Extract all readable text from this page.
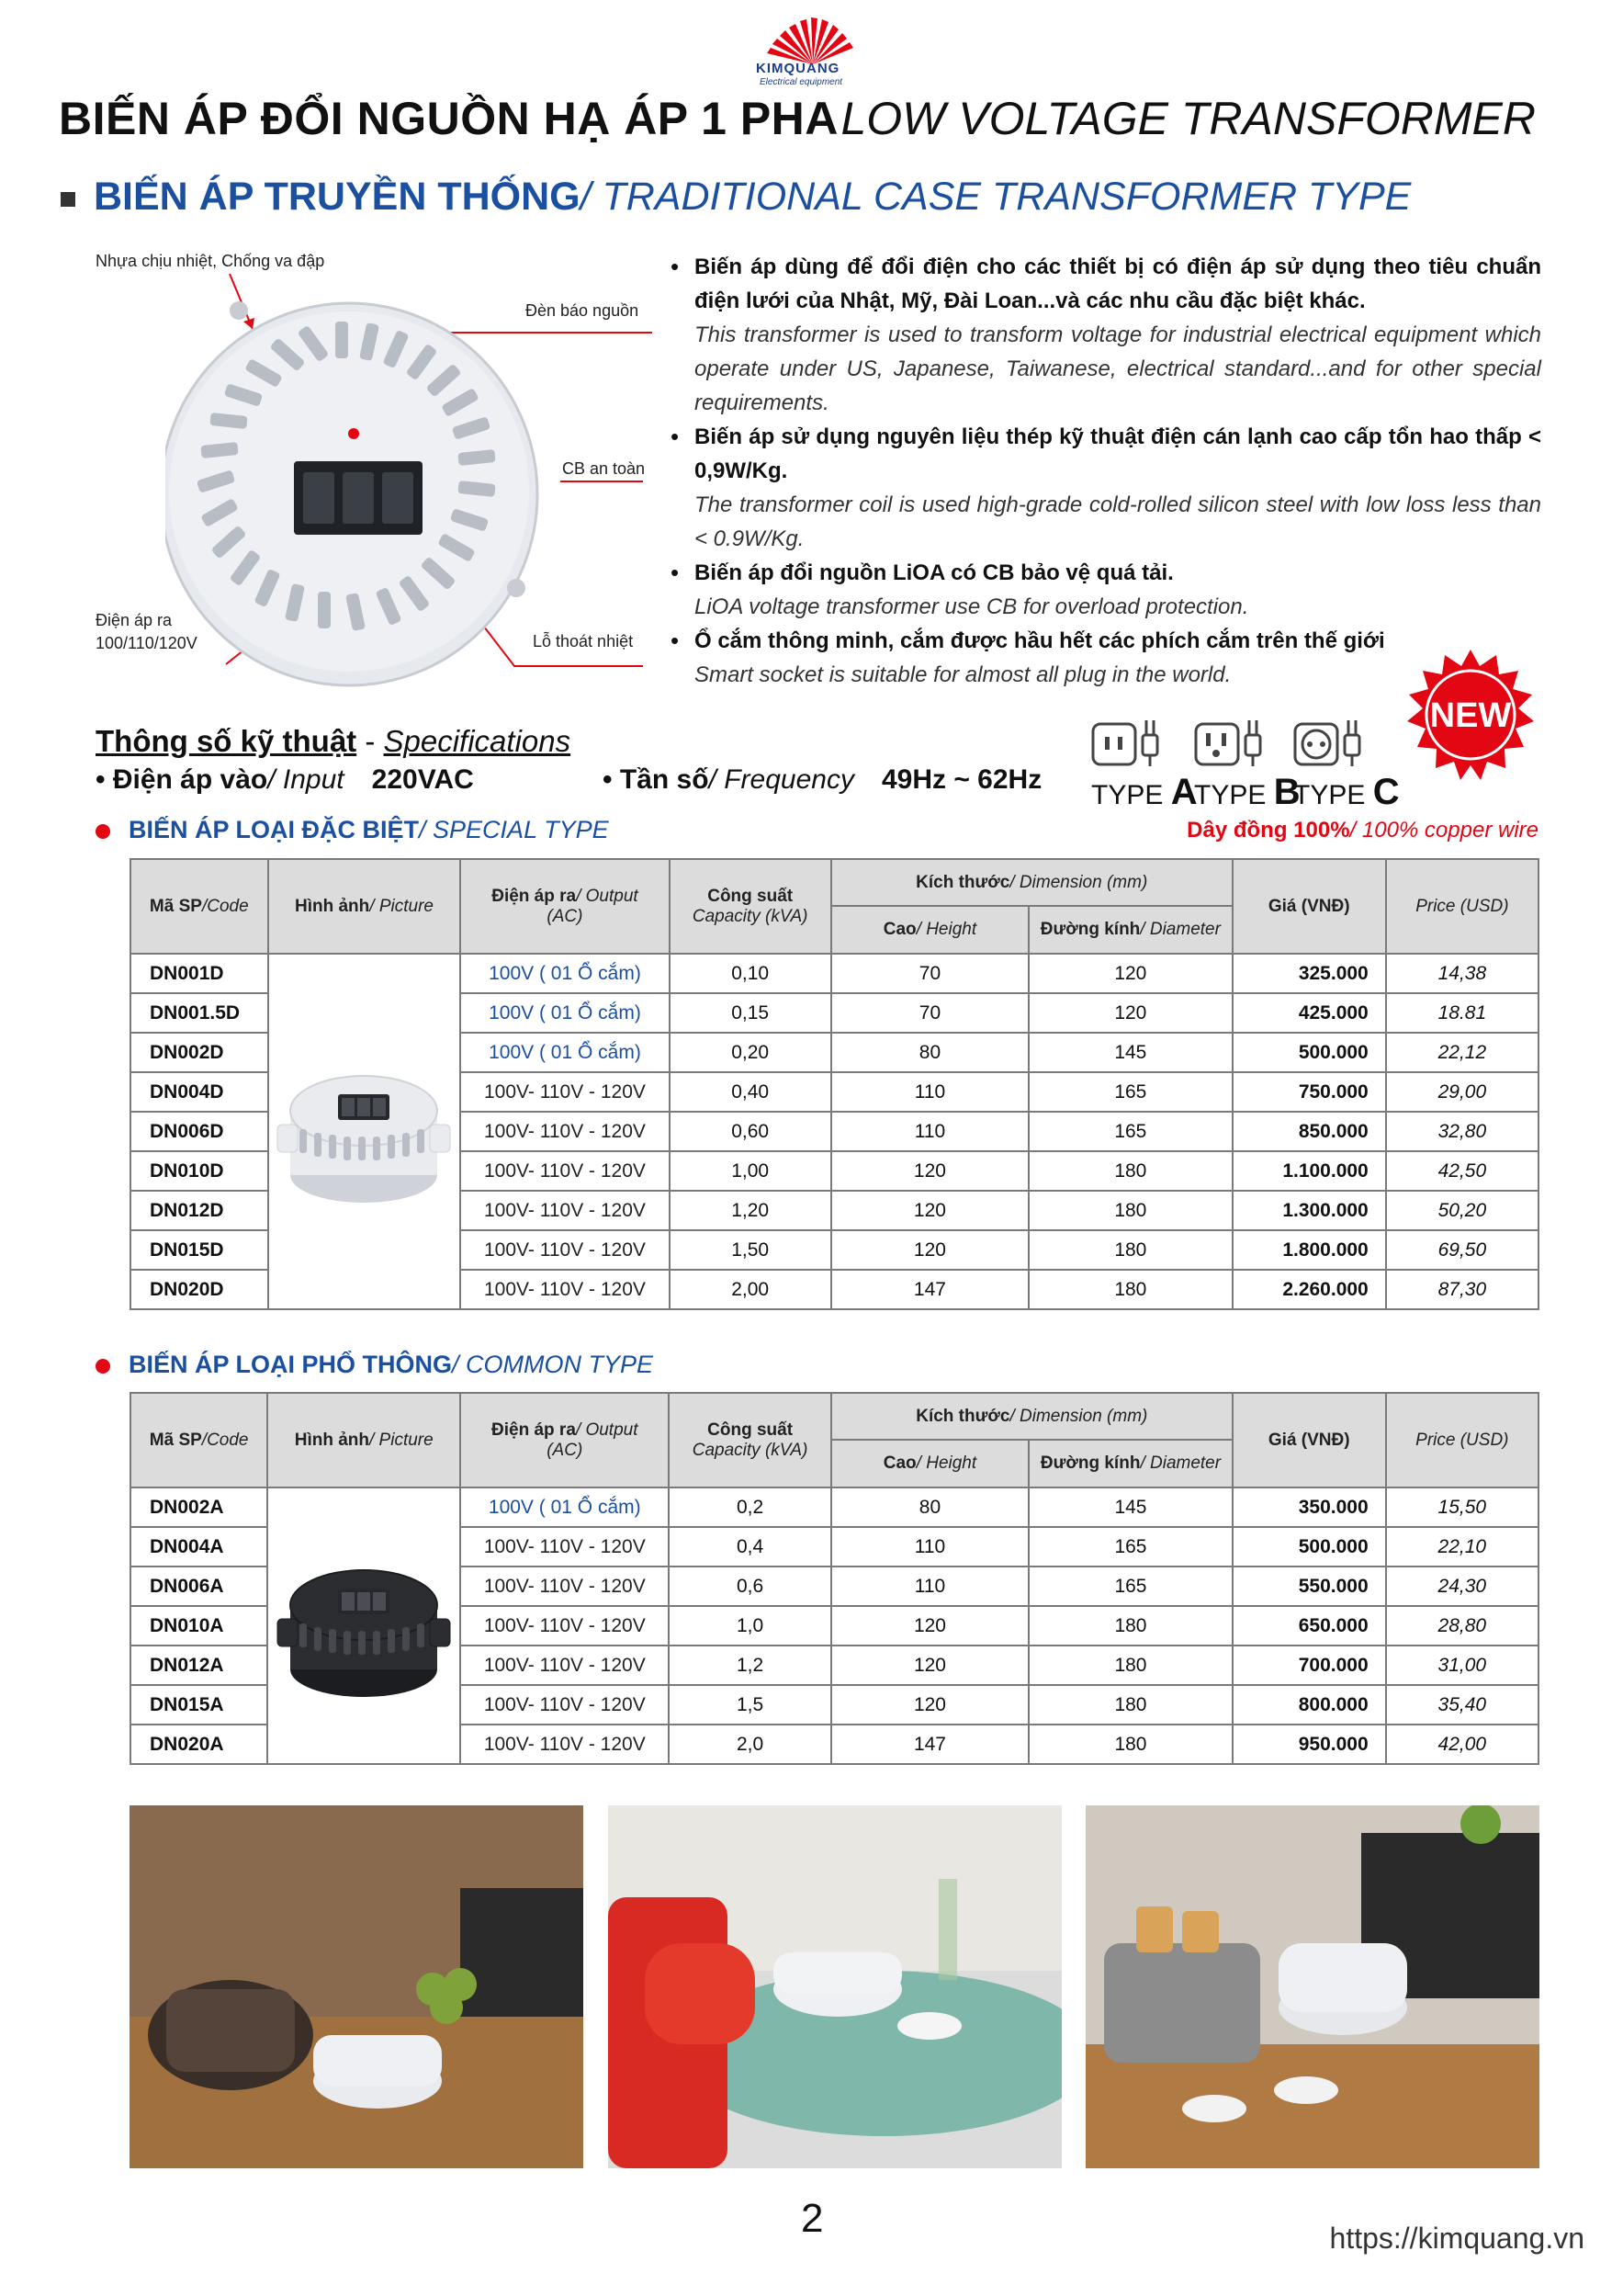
KIMQUANG
Electrical equipment
BIẾN ÁP ĐỔI NGUỒN HẠ ÁP 1 PHA LOW VOLTAGE TRANSFORMER
BIẾN ÁP TRUYỀN THỐNG/ TRADITIONAL CASE TRANSFORMER TYPE
Nhựa chịu nhiệt, Chống va đập
Đèn báo nguồn
CB an toàn
Điện áp ra
100/110/120V	Lỗ thoát nhiệt
• Biến áp dùng để đổi điện cho các thiết bị có điện áp sử dụng theo tiêu chuẩn điện lưới của Nhật, Mỹ, Đài Loan...và các nhu cầu đặc biệt khác.
This transformer is used to transform voltage for industrial electrical equipment which operate under US, Japanese, Taiwanese, electrical standard...and for other special requirements.
• Biến áp sử dụng nguyên liệu thép kỹ thuật điện cán lạnh cao cấp tổn hao thấp < 0,9W/Kg.
The transformer coil is used high-grade cold-rolled silicon steel with low loss less than < 0.9W/Kg.
• Biến áp đổi nguồn LiOA có CB bảo vệ quá tải.
LiOA voltage transformer use CB for overload protection.
• Ổ cắm thông minh, cắm được hầu hết các phích cắm trên thế giới
Smart socket is suitable for almost all plug in the world.
Thông số kỹ thuật - Specifications
• Điện áp vào/ Input 220VAC	• Tần số/ Frequency 49Hz ~ 62Hz
TYPE A
TYPE B
TYPE C
NEW
BIẾN ÁP LOẠI ĐẶC BIỆT/ SPECIAL TYPE	Dây đồng 100%/ 100% copper wire
Mã SP/Code	Hình ảnh/ Picture	Điện áp ra/ Output
(AC)	Công suất
Capacity (kVA)	Kích thước/ Dimension (mm)		Giá (VNĐ)	Price (USD)
				Cao/ Height	Đường kính/ Diameter		
DN001D		100V ( 01 Ổ cắm)	0,10	70	120	325.000	14,38
DN001.5D		100V ( 01 Ổ cắm)	0,15	70	120	425.000	18.81
DN002D		100V ( 01 Ổ cắm)	0,20	80	145	500.000	22,12
DN004D		100V- 110V - 120V	0,40	110	165	750.000	29,00
DN006D		100V- 110V - 120V	0,60	110	165	850.000	32,80
DN010D		100V- 110V - 120V	1,00	120	180	1.100.000	42,50
DN012D		100V- 110V - 120V	1,20	120	180	1.300.000	50,20
DN015D		100V- 110V - 120V	1,50	120	180	1.800.000	69,50
DN020D		100V- 110V - 120V	2,00	147	180	2.260.000	87,30
BIẾN ÁP LOẠI PHỔ THÔNG/ COMMON TYPE
Mã SP/Code	Hình ảnh/ Picture	Điện áp ra/ Output
(AC)	Công suất
Capacity (kVA)	Kích thước/ Dimension (mm)		Giá (VNĐ)	Price (USD)
				Cao/ Height	Đường kính/ Diameter		
DN002A		100V ( 01 Ổ cắm)	0,2	80	145	350.000	15,50
DN004A		100V- 110V - 120V	0,4	110	165	500.000	22,10
DN006A		100V- 110V - 120V	0,6	110	165	550.000	24,30
DN010A		100V- 110V - 120V	1,0	120	180	650.000	28,80
DN012A		100V- 110V - 120V	1,2	120	180	700.000	31,00
DN015A		100V- 110V - 120V	1,5	120	180	800.000	35,40
DN020A		100V- 110V - 120V	2,0	147	180	950.000	42,00
2	https://kimquang.vn
